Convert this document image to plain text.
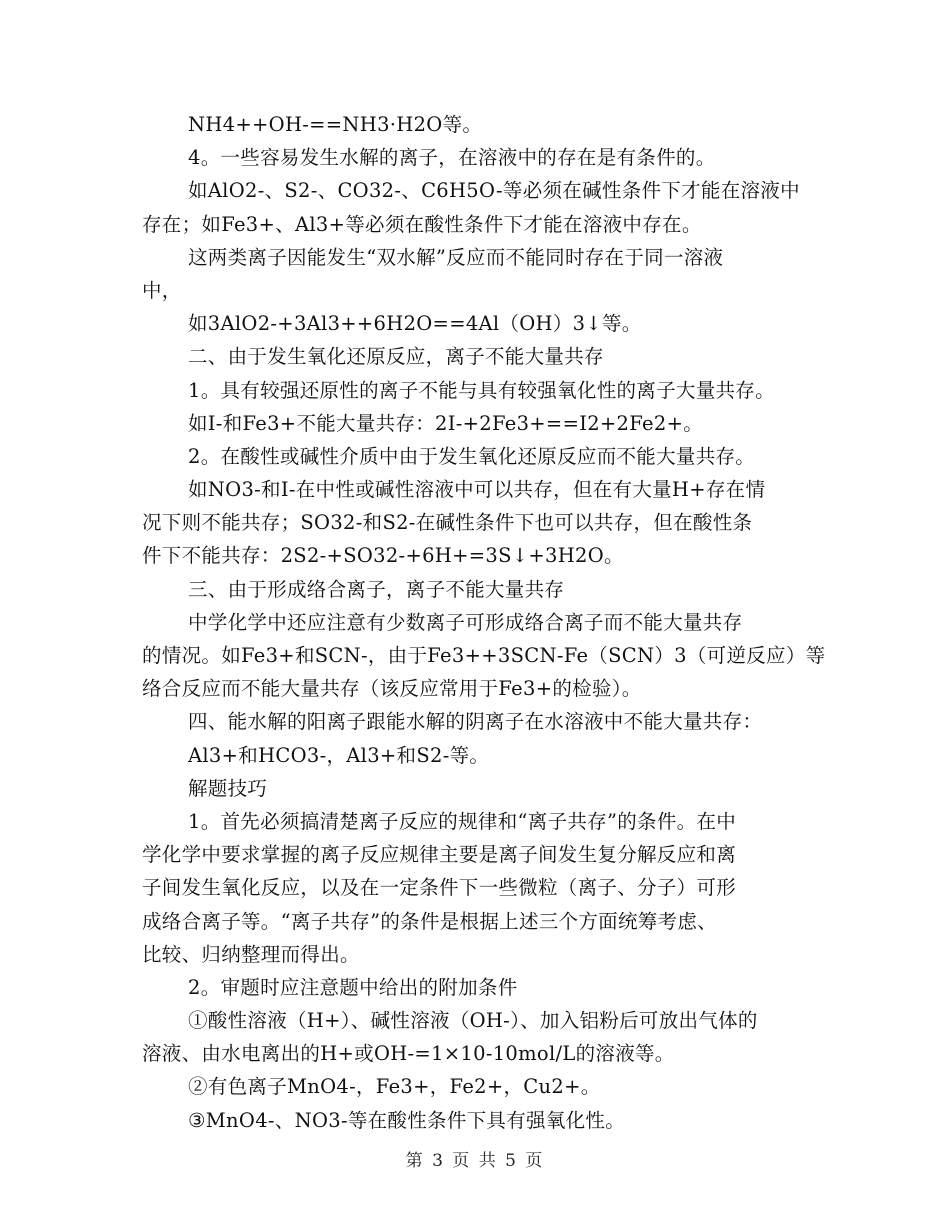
NH4++OH-==NH3·H2O等。
4。一些容易发生水解的离子，在溶液中的存在是有条件的。
如AlO2-、S2-、CO32-、C6H5O-等必须在碱性条件下才能在溶液中
存在；如Fe3+、Al3+等必须在酸性条件下才能在溶液中存在。
这两类离子因能发生“双水解”反应而不能同时存在于同一溶液
中，
如3AlO2-+3Al3++6H2O==4Al（OH）3↓等。
二、由于发生氧化还原反应，离子不能大量共存
1。具有较强还原性的离子不能与具有较强氧化性的离子大量共存。
如I-和Fe3+不能大量共存：2I-+2Fe3+==I2+2Fe2+。
2。在酸性或碱性介质中由于发生氧化还原反应而不能大量共存。
如NO3-和I-在中性或碱性溶液中可以共存，但在有大量H+存在情
况下则不能共存；SO32-和S2-在碱性条件下也可以共存，但在酸性条
件下不能共存：2S2-+SO32-+6H+=3S↓+3H2O。
三、由于形成络合离子，离子不能大量共存
中学化学中还应注意有少数离子可形成络合离子而不能大量共存
的情况。如Fe3+和SCN-，由于Fe3++3SCN-Fe（SCN）3（可逆反应）等
络合反应而不能大量共存（该反应常用于Fe3+的检验）。
四、能水解的阳离子跟能水解的阴离子在水溶液中不能大量共存：
Al3+和HCO3-，Al3+和S2-等。
解题技巧
1。首先必须搞清楚离子反应的规律和“离子共存”的条件。在中
学化学中要求掌握的离子反应规律主要是离子间发生复分解反应和离
子间发生氧化反应，以及在一定条件下一些微粒（离子、分子）可形
成络合离子等。“离子共存”的条件是根据上述三个方面统筹考虑、
比较、归纳整理而得出。
2。审题时应注意题中给出的附加条件
①酸性溶液（H+）、碱性溶液（OH-）、加入铝粉后可放出气体的
溶液、由水电离出的H+或OH-=1×10-10mol/L的溶液等。
②有色离子MnO4-，Fe3+，Fe2+，Cu2+。
③MnO4-、NO3-等在酸性条件下具有强氧化性。
第 3 页 共 5 页
